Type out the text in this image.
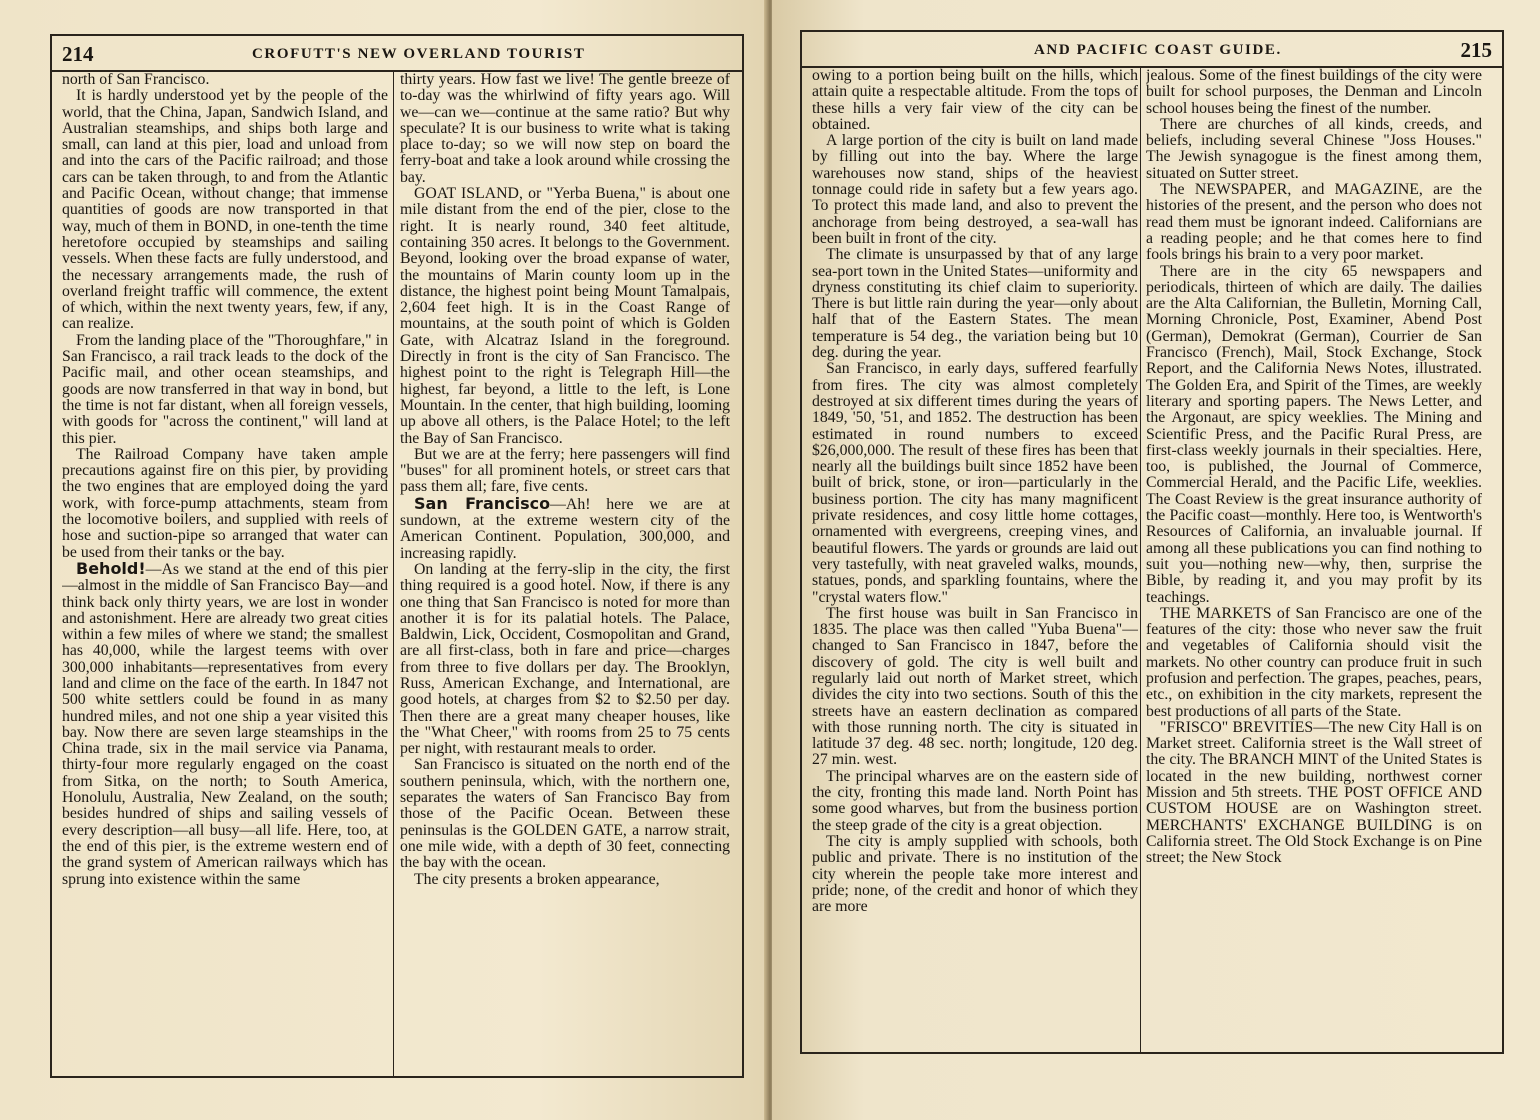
214	CROFUTT'S NEW OVERLAND TOURIST

north of San Francisco.

It is hardly understood yet by the people of the world, that the China, Japan, Sandwich Island, and Australian steamships, and ships both large and small, can land at this pier, load and unload from and into the cars of the Pacific railroad; and those cars can be taken through, to and from the Atlantic and Pacific Ocean, without change; that immense quantities of goods are now transported in that way, much of them in BOND, in one-tenth the time heretofore occupied by steamships and sailing vessels. When these facts are fully understood, and the necessary arrangements made, the rush of overland freight traffic will commence, the extent of which, within the next twenty years, few, if any, can realize.

From the landing place of the "Thoroughfare," in San Francisco, a rail track leads to the dock of the Pacific mail, and other ocean steamships, and goods are now transferred in that way in bond, but the time is not far distant, when all foreign vessels, with goods for "across the continent," will land at this pier.

The Railroad Company have taken ample precautions against fire on this pier, by providing the two engines that are employed doing the yard work, with force-pump attachments, steam from the locomotive boilers, and supplied with reels of hose and suction-pipe so arranged that water can be used from their tanks or the bay.

Behold!—As we stand at the end of this pier—almost in the middle of San Francisco Bay—and think back only thirty years, we are lost in wonder and astonishment. Here are already two great cities within a few miles of where we stand; the smallest has 40,000, while the largest teems with over 300,000 inhabitants—representatives from every land and clime on the face of the earth. In 1847 not 500 white settlers could be found in as many hundred miles, and not one ship a year visited this bay. Now there are seven large steamships in the China trade, six in the mail service via Panama, thirty-four more regularly engaged on the coast from Sitka, on the north; to South America, Honolulu, Australia, New Zealand, on the south; besides hundred of ships and sailing vessels of every description—all busy—all life. Here, too, at the end of this pier, is the extreme western end of the grand system of American railways which has sprung into existence within the same

thirty years. How fast we live! The gentle breeze of to-day was the whirlwind of fifty years ago. Will we—can we—continue at the same ratio? But why speculate? It is our business to write what is taking place to-day; so we will now step on board the ferry-boat and take a look around while crossing the bay.

GOAT ISLAND, or "Yerba Buena," is about one mile distant from the end of the pier, close to the right. It is nearly round, 340 feet altitude, containing 350 acres. It belongs to the Government. Beyond, looking over the broad expanse of water, the mountains of Marin county loom up in the distance, the highest point being Mount Tamalpais, 2,604 feet high. It is in the Coast Range of mountains, at the south point of which is Golden Gate, with Alcatraz Island in the foreground. Directly in front is the city of San Francisco. The highest point to the right is Telegraph Hill—the highest, far beyond, a little to the left, is Lone Mountain. In the center, that high building, looming up above all others, is the Palace Hotel; to the left the Bay of San Francisco.

But we are at the ferry; here passengers will find "buses" for all prominent hotels, or street cars that pass them all; fare, five cents.

San Francisco—Ah! here we are at sundown, at the extreme western city of the American Continent. Population, 300,000, and increasing rapidly.

On landing at the ferry-slip in the city, the first thing required is a good hotel. Now, if there is any one thing that San Francisco is noted for more than another it is for its palatial hotels. The Palace, Baldwin, Lick, Occident, Cosmopolitan and Grand, are all first-class, both in fare and price—charges from three to five dollars per day. The Brooklyn, Russ, American Exchange, and International, are good hotels, at charges from $2 to $2.50 per day. Then there are a great many cheaper houses, like the "What Cheer," with rooms from 25 to 75 cents per night, with restaurant meals to order.

San Francisco is situated on the north end of the southern peninsula, which, with the northern one, separates the waters of San Francisco Bay from those of the Pacific Ocean. Between these peninsulas is the GOLDEN GATE, a narrow strait, one mile wide, with a depth of 30 feet, connecting the bay with the ocean.

The city presents a broken appearance,

AND PACIFIC COAST GUIDE.	215

owing to a portion being built on the hills, which attain quite a respectable altitude. From the tops of these hills a very fair view of the city can be obtained.

A large portion of the city is built on land made by filling out into the bay. Where the large warehouses now stand, ships of the heaviest tonnage could ride in safety but a few years ago. To protect this made land, and also to prevent the anchorage from being destroyed, a sea-wall has been built in front of the city.

The climate is unsurpassed by that of any large sea-port town in the United States—uniformity and dryness constituting its chief claim to superiority. There is but little rain during the year—only about half that of the Eastern States. The mean temperature is 54 deg., the variation being but 10 deg. during the year.

San Francisco, in early days, suffered fearfully from fires. The city was almost completely destroyed at six different times during the years of 1849, '50, '51, and 1852. The destruction has been estimated in round numbers to exceed $26,000,000. The result of these fires has been that nearly all the buildings built since 1852 have been built of brick, stone, or iron—particularly in the business portion. The city has many magnificent private residences, and cosy little home cottages, ornamented with evergreens, creeping vines, and beautiful flowers. The yards or grounds are laid out very tastefully, with neat graveled walks, mounds, statues, ponds, and sparkling fountains, where the "crystal waters flow."

The first house was built in San Francisco in 1835. The place was then called "Yuba Buena"—changed to San Francisco in 1847, before the discovery of gold. The city is well built and regularly laid out north of Market street, which divides the city into two sections. South of this the streets have an eastern declination as compared with those running north. The city is situated in latitude 37 deg. 48 sec. north; longitude, 120 deg. 27 min. west.

The principal wharves are on the eastern side of the city, fronting this made land. North Point has some good wharves, but from the business portion the steep grade of the city is a great objection.

The city is amply supplied with schools, both public and private. There is no institution of the city wherein the people take more interest and pride; none, of the credit and honor of which they are more

jealous. Some of the finest buildings of the city were built for school purposes, the Denman and Lincoln school houses being the finest of the number.

There are churches of all kinds, creeds, and beliefs, including several Chinese "Joss Houses." The Jewish synagogue is the finest among them, situated on Sutter street.

The NEWSPAPER, and MAGAZINE, are the histories of the present, and the person who does not read them must be ignorant indeed. Californians are a reading people; and he that comes here to find fools brings his brain to a very poor market.

There are in the city 65 newspapers and periodicals, thirteen of which are daily. The dailies are the Alta Californian, the Bulletin, Morning Call, Morning Chronicle, Post, Examiner, Abend Post (German), Demokrat (German), Courrier de San Francisco (French), Mail, Stock Exchange, Stock Report, and the California News Notes, illustrated. The Golden Era, and Spirit of the Times, are weekly literary and sporting papers. The News Letter, and the Argonaut, are spicy weeklies. The Mining and Scientific Press, and the Pacific Rural Press, are first-class weekly journals in their specialties. Here, too, is published, the Journal of Commerce, Commercial Herald, and the Pacific Life, weeklies. The Coast Review is the great insurance authority of the Pacific coast—monthly. Here too, is Wentworth's Resources of California, an invaluable journal. If among all these publications you can find nothing to suit you—nothing new—why, then, surprise the Bible, by reading it, and you may profit by its teachings.

THE MARKETS of San Francisco are one of the features of the city: those who never saw the fruit and vegetables of California should visit the markets. No other country can produce fruit in such profusion and perfection. The grapes, peaches, pears, etc., on exhibition in the city markets, represent the best productions of all parts of the State.

"FRISCO" BREVITIES—The new City Hall is on Market street. California street is the Wall street of the city. The BRANCH MINT of the United States is located in the new building, northwest corner Mission and 5th streets. THE POST OFFICE AND CUSTOM HOUSE are on Washington street. MERCHANTS' EXCHANGE BUILDING is on California street. The Old Stock Exchange is on Pine street; the New Stock
